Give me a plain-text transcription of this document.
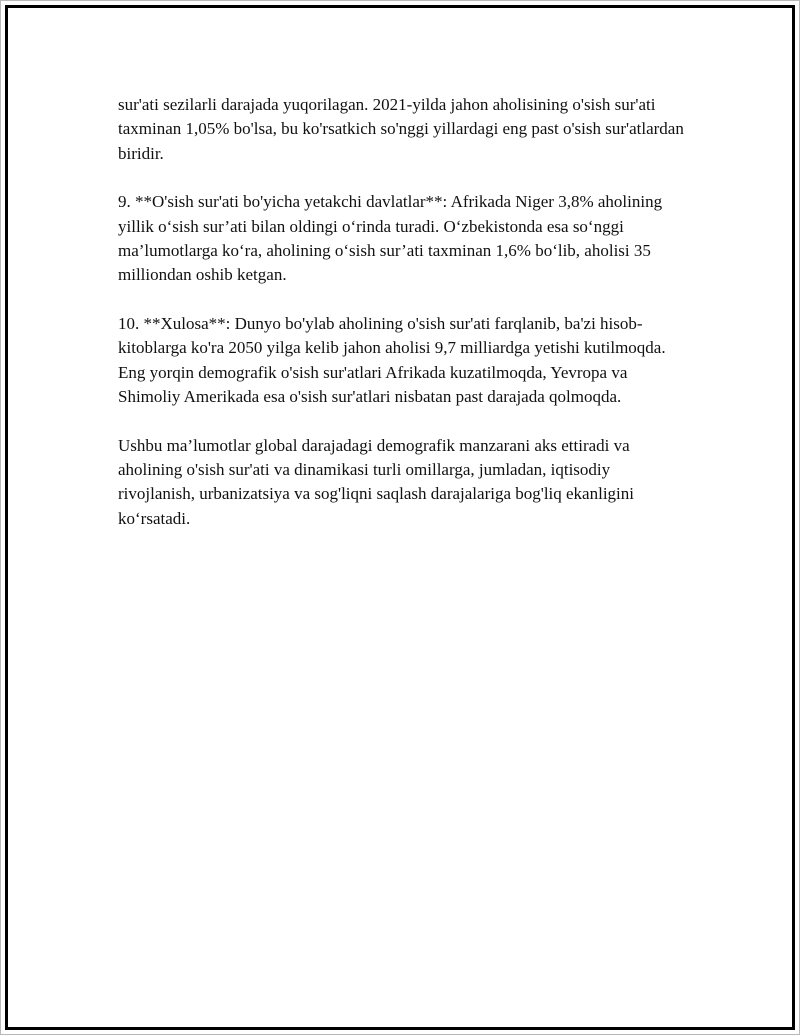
sur'ati sezilarli darajada yuqorilagan. 2021-yilda jahon aholisining o'sish sur'ati taxminan 1,05% bo'lsa, bu ko'rsatkich so'nggi yillardagi eng past o'sish sur'atlardan biridir.

9. **O'sish sur'ati bo'yicha yetakchi davlatlar**: Afrikada Niger 3,8% aholining yillik o‘sish sur’ati bilan oldingi o‘rinda turadi. O‘zbekistonda esa so‘nggi ma’lumotlarga ko‘ra, aholining o‘sish sur’ati taxminan 1,6% bo‘lib, aholisi 35 milliondan oshib ketgan.

10. **Xulosa**: Dunyo bo'ylab aholining o'sish sur'ati farqlanib, ba'zi hisob-kitoblarga ko'ra 2050 yilga kelib jahon aholisi 9,7 milliardga yetishi kutilmoqda. Eng yorqin demografik o'sish sur'atlari Afrikada kuzatilmoqda, Yevropa va Shimoliy Amerikada esa o'sish sur'atlari nisbatan past darajada qolmoqda.

Ushbu ma’lumotlar global darajadagi demografik manzarani aks ettiradi va aholining o'sish sur'ati va dinamikasi turli omillarga, jumladan, iqtisodiy rivojlanish, urbanizatsiya va sog'liqni saqlash darajalariga bog'liq ekanligini ko‘rsatadi.
